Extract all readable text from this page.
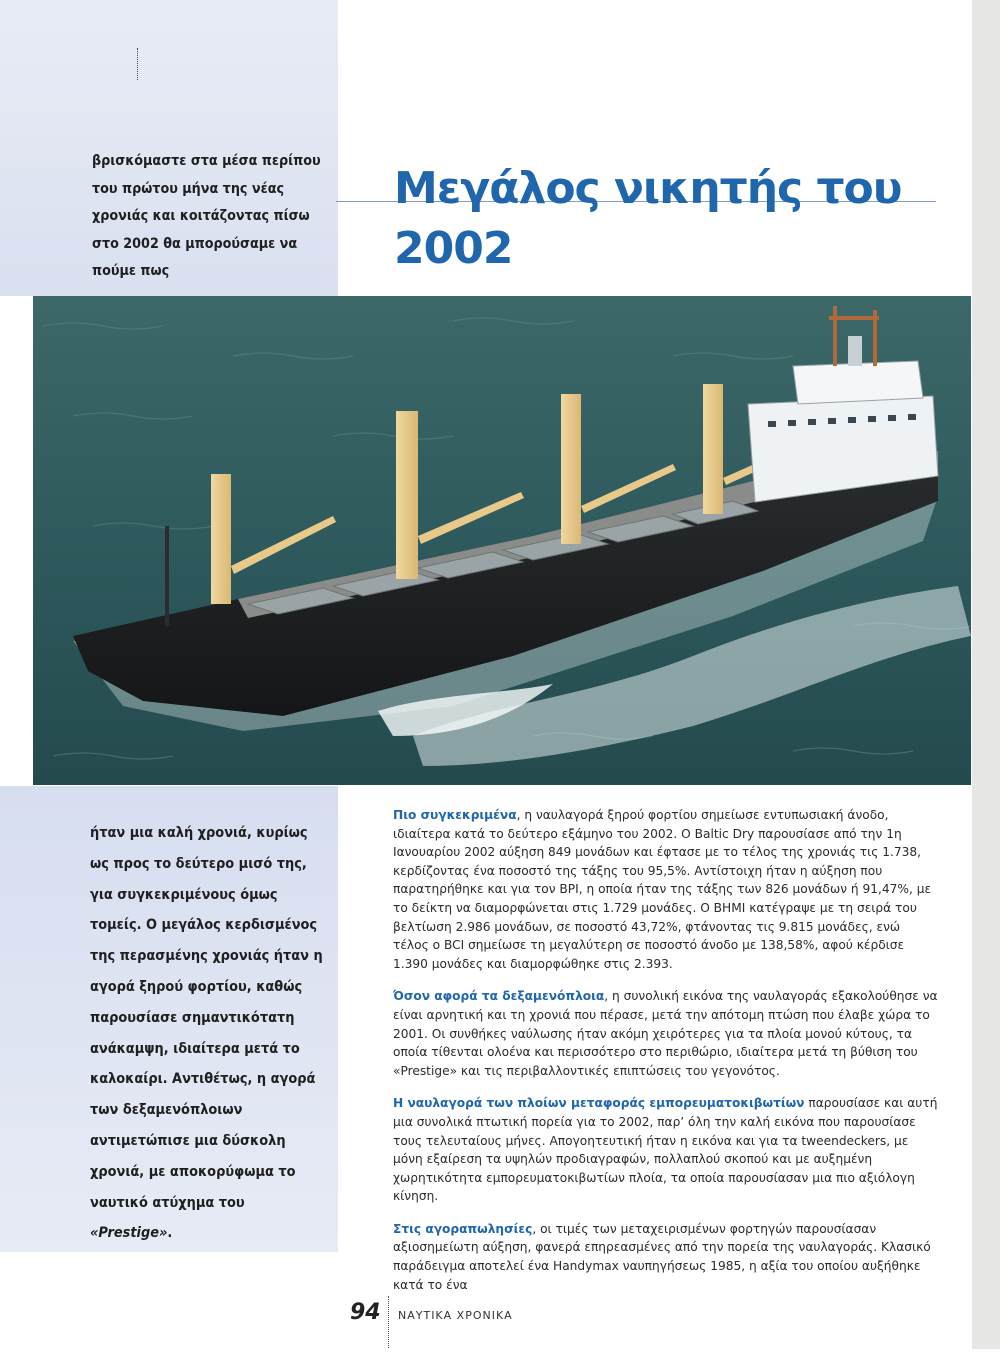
βρισκόμαστε στα μέσα περίπου του πρώτου μήνα της νέας χρονιάς και κοιτάζοντας πίσω στο 2002 θα μπορούσαμε να πούμε πως
Μεγάλος νικητής του 2002
ήταν μια καλή χρονιά, κυρίως ως προς το δεύτερο μισό της, για συγκεκριμένους όμως τομείς. Ο μεγάλος κερδισμένος της περασμένης χρονιάς ήταν η αγορά ξηρού φορτίου, καθώς παρουσίασε σημαντικότατη ανάκαμψη, ιδιαίτερα μετά το καλοκαίρι. Αντιθέτως, η αγορά των δεξαμενόπλοιων αντιμετώπισε μια δύσκολη χρονιά, με αποκορύφωμα το ναυτικό ατύχημα του «Prestige».

Πιο συγκεκριμένα, η ναυλαγορά ξηρού φορτίου σημείωσε εντυπωσιακή άνοδο, ιδιαίτερα κατά το δεύτερο εξάμηνο του 2002. Ο Baltic Dry παρουσίασε από την 1η Ιανουαρίου 2002 αύξηση 849 μονάδων και έφτασε με το τέλος της χρονιάς τις 1.738, κερδίζοντας ένα ποσοστό της τάξης του 95,5%. Αντίστοιχη ήταν η αύξηση που παρατηρήθηκε και για τον BPI, η οποία ήταν της τάξης των 826 μονάδων ή 91,47%, με το δείκτη να διαμορφώνεται στις 1.729 μονάδες. Ο BHMI κατέγραψε με τη σειρά του βελτίωση 2.986 μονάδων, σε ποσοστό 43,72%, φτάνοντας τις 9.815 μονάδες, ενώ τέλος ο BCI σημείωσε τη μεγαλύτερη σε ποσοστό άνοδο με 138,58%, αφού κέρδισε 1.390 μονάδες και διαμορφώθηκε στις 2.393.

Όσον αφορά τα δεξαμενόπλοια, η συνολική εικόνα της ναυλαγοράς εξακολούθησε να είναι αρνητική και τη χρονιά που πέρασε, μετά την απότομη πτώση που έλαβε χώρα το 2001. Οι συνθήκες ναύλωσης ήταν ακόμη χειρότερες για τα πλοία μονού κύτους, τα οποία τίθενται ολοένα και περισσότερο στο περιθώριο, ιδιαίτερα μετά τη βύθιση του «Prestige» και τις περιβαλλοντικές επιπτώσεις του γεγονότος.

Η ναυλαγορά των πλοίων μεταφοράς εμπορευματοκιβωτίων παρουσίασε και αυτή μια συνολικά πτωτική πορεία για το 2002, παρ’ όλη την καλή εικόνα που παρουσίασε τους τελευταίους μήνες. Απογοητευτική ήταν η εικόνα και για τα tweendeckers, με μόνη εξαίρεση τα υψηλών προδιαγραφών, πολλαπλού σκοπού και με αυξημένη χωρητικότητα εμπορευματοκιβωτίων πλοία, τα οποία παρουσίασαν μια πιο αξιόλογη κίνηση.

Στις αγοραπωλησίες, οι τιμές των μεταχειρισμένων φορτηγών παρουσίασαν αξιοσημείωτη αύξηση, φανερά επηρεασμένες από την πορεία της ναυλαγοράς. Κλασικό παράδειγμα αποτελεί ένα Handymax ναυπηγήσεως 1985, η αξία του οποίου αυξήθηκε κατά το ένα

94 ΝΑΥΤΙΚΑ ΧΡΟΝΙΚΑ
